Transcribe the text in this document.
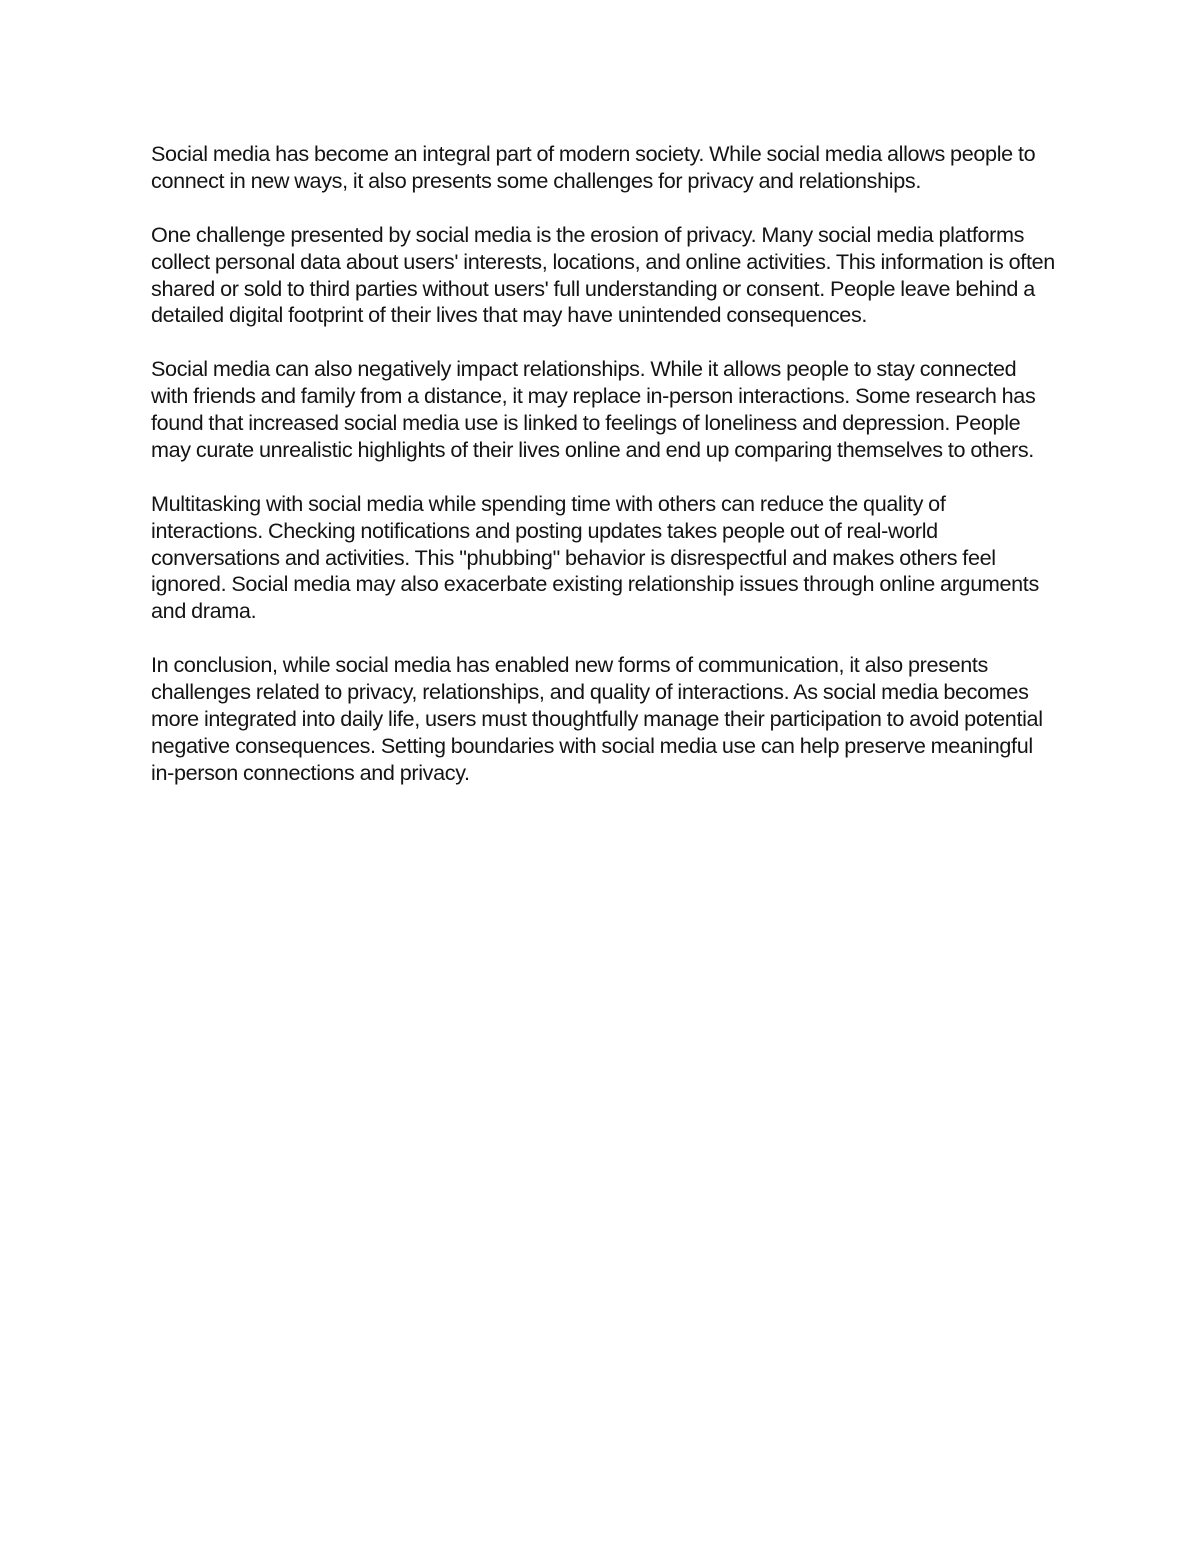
Social media has become an integral part of modern society. While social media allows people to connect in new ways, it also presents some challenges for privacy and relationships.

One challenge presented by social media is the erosion of privacy. Many social media platforms collect personal data about users' interests, locations, and online activities. This information is often shared or sold to third parties without users' full understanding or consent. People leave behind a detailed digital footprint of their lives that may have unintended consequences.

Social media can also negatively impact relationships. While it allows people to stay connected with friends and family from a distance, it may replace in-person interactions. Some research has found that increased social media use is linked to feelings of loneliness and depression. People may curate unrealistic highlights of their lives online and end up comparing themselves to others.

Multitasking with social media while spending time with others can reduce the quality of interactions. Checking notifications and posting updates takes people out of real-world conversations and activities. This "phubbing" behavior is disrespectful and makes others feel ignored. Social media may also exacerbate existing relationship issues through online arguments and drama.

In conclusion, while social media has enabled new forms of communication, it also presents challenges related to privacy, relationships, and quality of interactions. As social media becomes more integrated into daily life, users must thoughtfully manage their participation to avoid potential negative consequences. Setting boundaries with social media use can help preserve meaningful in-person connections and privacy.
